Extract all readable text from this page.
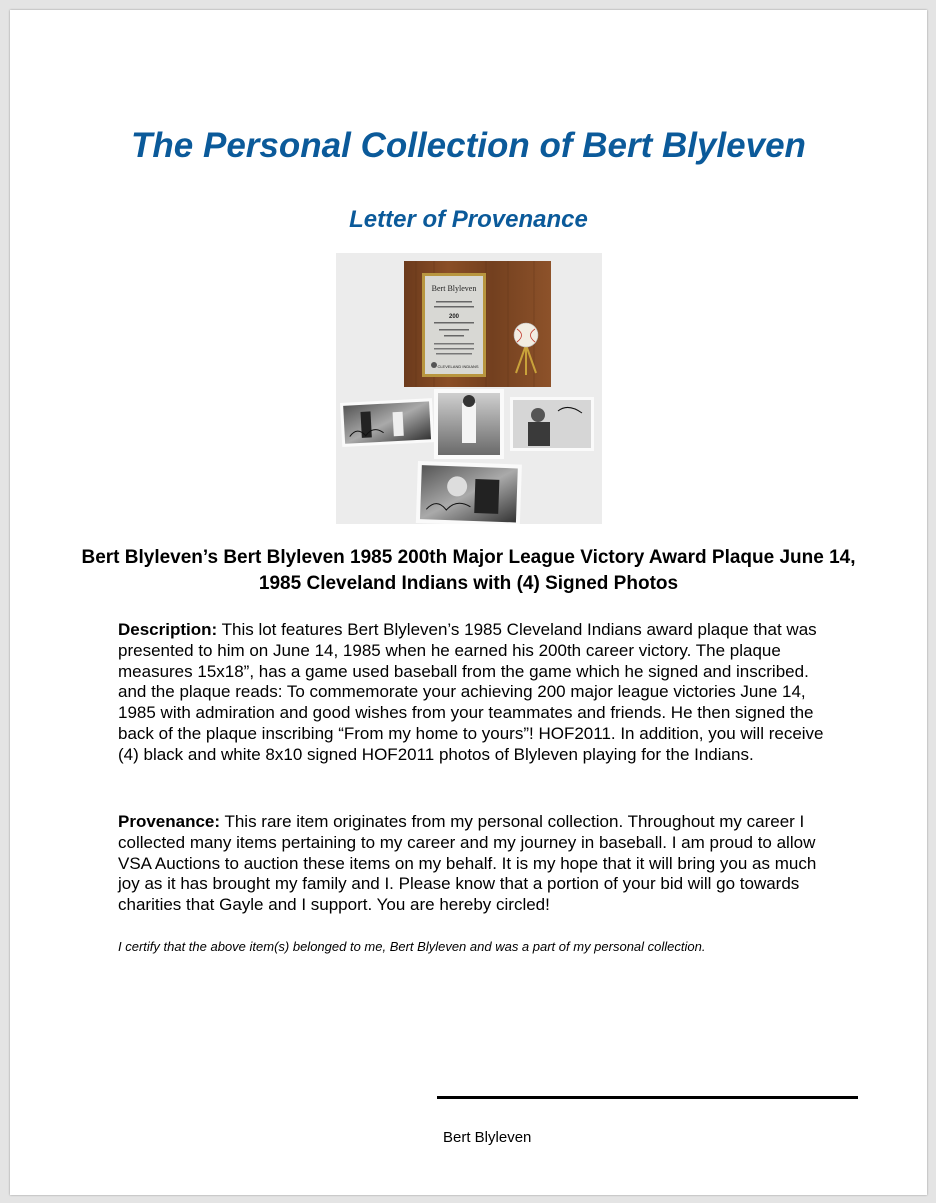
The Personal Collection of Bert Blyleven
Letter of Provenance
Bert Blyleven
200
CLEVELAND INDIANS

Bert Blyleven’s Bert Blyleven 1985 200th Major League Victory Award Plaque June 14, 1985 Cleveland Indians with (4) Signed Photos

Description: This lot features Bert Blyleven’s 1985 Cleveland Indians award plaque that was presented to him on June 14, 1985 when he earned his 200th career victory. The plaque measures 15x18”, has a game used baseball from the game which he signed and inscribed. and the plaque reads: To commemorate your achieving 200 major league victories June 14, 1985 with admiration and good wishes from your teammates and friends. He then signed the back of the plaque inscribing “From my home to yours”! HOF2011. In addition, you will receive (4) black and white 8x10 signed HOF2011 photos of Blyleven playing for the Indians.

Provenance: This rare item originates from my personal collection. Throughout my career I collected many items pertaining to my career and my journey in baseball. I am proud to allow VSA Auctions to auction these items on my behalf. It is my hope that it will bring you as much joy as it has brought my family and I. Please know that a portion of your bid will go towards charities that Gayle and I support. You are hereby circled!

I certify that the above item(s) belonged to me, Bert Blyleven and was a part of my personal collection.

Bert Blyleven
